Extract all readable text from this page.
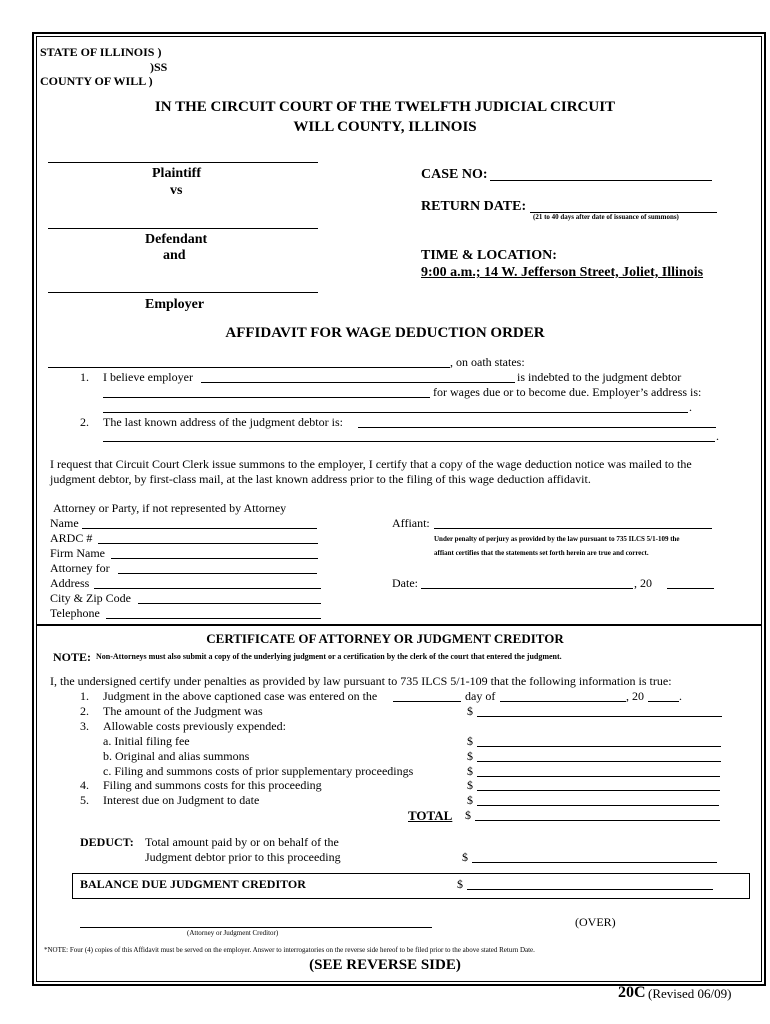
STATE OF ILLINOIS )
)SS
COUNTY OF WILL )
IN THE CIRCUIT COURT OF THE TWELFTH JUDICIAL CIRCUIT
WILL COUNTY, ILLINOIS
Plaintiff
vs
Defendant
and
Employer
CASE NO:
RETURN DATE:
(21 to 40 days after date of issuance of summons)
TIME & LOCATION:
9:00 a.m.; 14 W. Jefferson Street, Joliet, Illinois
AFFIDAVIT FOR WAGE DEDUCTION ORDER
, on oath states:
1. I believe employer	is indebted to the judgment debtor
for wages due or to become due. Employer’s address is:
.
2. The last known address of the judgment debtor is:
.
I request that Circuit Court Clerk issue summons to the employer, I certify that a copy of the wage deduction notice was mailed to the
judgment debtor, by first-class mail, at the last known address prior to the filing of this wage deduction affidavit.
Attorney or Party, if not represented by Attorney
Name
ARDC #
Firm Name
Attorney for
Address
City & Zip Code
Telephone
Affiant:
Under penalty of perjury as provided by the law pursuant to 735 ILCS 5/1-109 the
affiant certifies that the statements set forth herein are true and correct.
Date:	, 20
CERTIFICATE OF ATTORNEY OR JUDGMENT CREDITOR
NOTE: Non-Attorneys must also submit a copy of the underlying judgment or a certification by the clerk of the court that entered the judgment.
I, the undersigned certify under penalties as provided by law pursuant to 735 ILCS 5/1-109 that the following information is true:
1. Judgment in the above captioned case was entered on the	day of	, 20	.
2. The amount of the Judgment was	$
3. Allowable costs previously expended:
a. Initial filing fee	$
b. Original and alias summons	$
c. Filing and summons costs of prior supplementary proceedings	$
4. Filing and summons costs for this proceeding	$
5. Interest due on Judgment to date	$
TOTAL $
DEDUCT: Total amount paid by or on behalf of the
Judgment debtor prior to this proceeding	$
BALANCE DUE JUDGMENT CREDITOR	$
(Attorney or Judgment Creditor)
(OVER)
*NOTE: Four (4) copies of this Affidavit must be served on the employer. Answer to interrogatories on the reverse side hereof to be filed prior to the above stated Return Date.
(SEE REVERSE SIDE)
20C (Revised 06/09)
